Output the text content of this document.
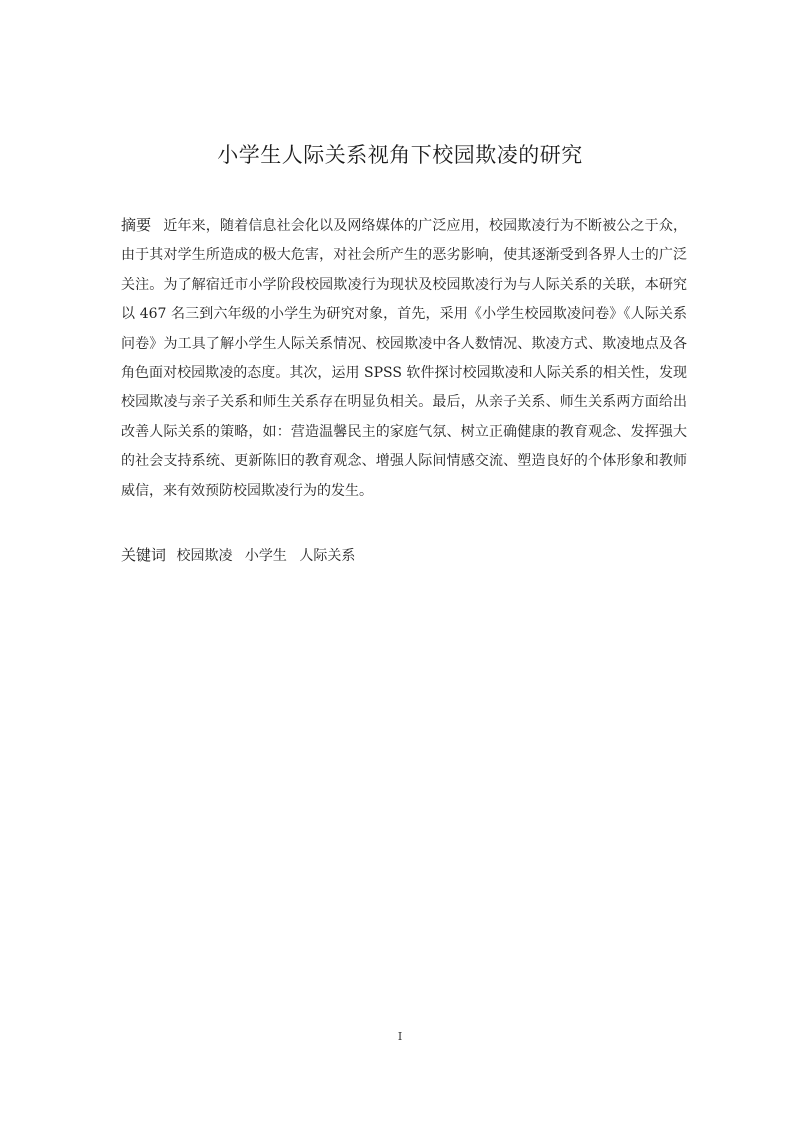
小学生人际关系视角下校园欺凌的研究
摘要 近年来，随着信息社会化以及网络媒体的广泛应用，校园欺凌行为不断被公之于众，由于其对学生所造成的极大危害，对社会所产生的恶劣影响，使其逐渐受到各界人士的广泛关注。为了解宿迁市小学阶段校园欺凌行为现状及校园欺凌行为与人际关系的关联，本研究以 467 名三到六年级的小学生为研究对象，首先，采用《小学生校园欺凌问卷》《人际关系问卷》为工具了解小学生人际关系情况、校园欺凌中各人数情况、欺凌方式、欺凌地点及各角色面对校园欺凌的态度。其次，运用 SPSS 软件探讨校园欺凌和人际关系的相关性，发现校园欺凌与亲子关系和师生关系存在明显负相关。最后，从亲子关系、师生关系两方面给出改善人际关系的策略，如：营造温馨民主的家庭气氛、树立正确健康的教育观念、发挥强大的社会支持系统、更新陈旧的教育观念、增强人际间情感交流、塑造良好的个体形象和教师威信，来有效预防校园欺凌行为的发生。
关键词 校园欺凌 小学生 人际关系
I
